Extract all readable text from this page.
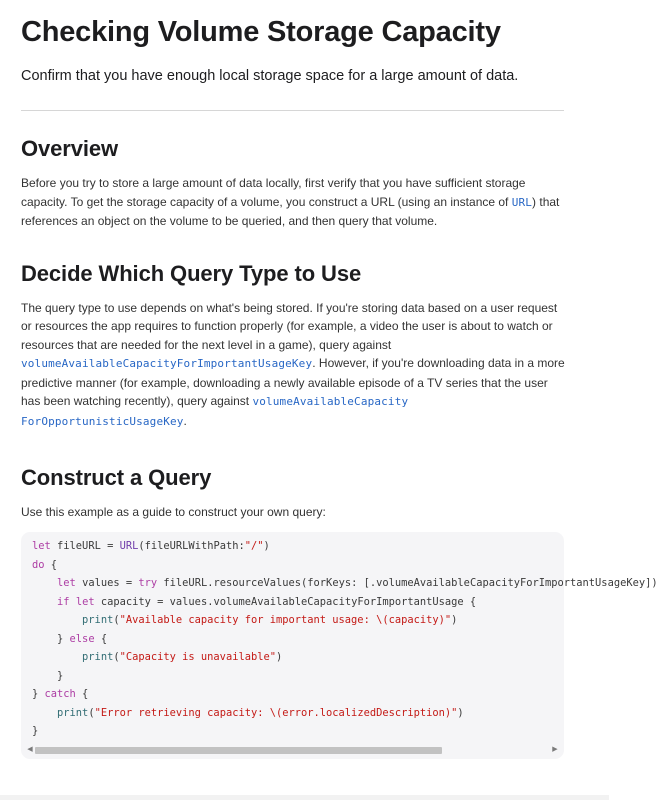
Checking Volume Storage Capacity

Confirm that you have enough local storage space for a large amount of data.

Overview

Before you try to store a large amount of data locally, first verify that you have sufficient storage capacity. To get the storage capacity of a volume, you construct a URL (using an instance of URL) that references an object on the volume to be queried, and then query that volume.

Decide Which Query Type to Use

The query type to use depends on what's being stored. If you're storing data based on a user request or resources the app requires to function properly (for example, a video the user is about to watch or resources that are needed for the next level in a game), query against volumeAvailableCapacityForImportantUsageKey. However, if you're downloading data in a more predictive manner (for example, downloading a newly available episode of a TV series that the user has been watching recently), query against volumeAvailableCapacity
ForOpportunisticUsageKey.

Construct a Query

Use this example as a guide to construct your own query:

let fileURL = URL(fileURLWithPath:"/")
do {
let values = try fileURL.resourceValues(forKeys: [.volumeAvailableCapacityForImportantUsageKey])
if let capacity = values.volumeAvailableCapacityForImportantUsage {
print("Available capacity for important usage: \(capacity)")
} else {
print("Capacity is unavailable")
}
} catch {
print("Error retrieving capacity: \(error.localizedDescription)")
}
◀	▶
